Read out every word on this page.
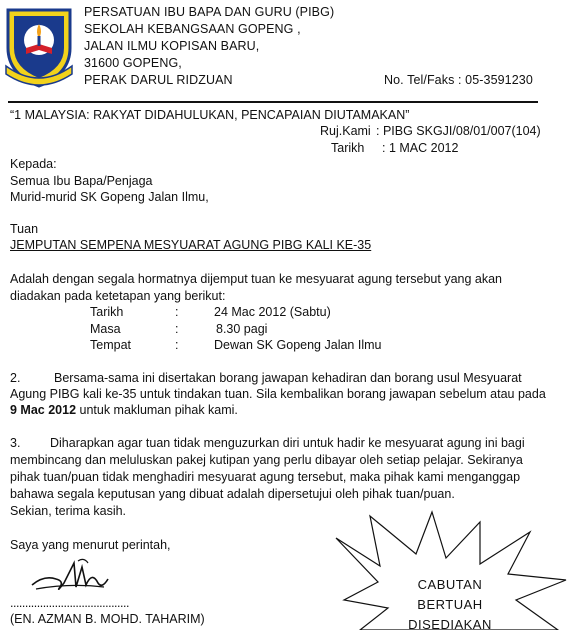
PERSATUAN IBU BAPA DAN GURU (PIBG)
SEKOLAH KEBANGSAAN GOPENG ,
JALAN ILMU KOPISAN BARU,
31600 GOPENG,
PERAK DARUL RIDZUAN	No. Tel/Faks : 05-3591230
“1 MALAYSIA: RAKYAT DIDAHULUKAN, PENCAPAIAN DIUTAMAKAN”
Ruj.Kami : PIBG SKGJI/08/01/007(104)
Tarikh : 1 MAC 2012
Kepada:
Semua Ibu Bapa/Penjaga
Murid-murid SK Gopeng Jalan Ilmu,
Tuan
JEMPUTAN SEMPENA MESYUARAT AGUNG PIBG KALI KE-35
Adalah dengan segala hormatnya dijemput tuan ke mesyuarat agung tersebut yang akan
diadakan pada ketetapan yang berikut:
Tarikh	:	24 Mac 2012 (Sabtu)
Masa	:	8.30 pagi
Tempat	:	Dewan SK Gopeng Jalan Ilmu
2.	Bersama-sama ini disertakan borang jawapan kehadiran dan borang usul Mesyuarat
Agung PIBG kali ke-35 untuk tindakan tuan. Sila kembalikan borang jawapan sebelum atau pada
9 Mac 2012 untuk makluman pihak kami.
3. Diharapkan agar tuan tidak menguzurkan diri untuk hadir ke mesyuarat agung ini bagi
membincang dan meluluskan pakej kutipan yang perlu dibayar oleh setiap pelajar. Sekiranya
pihak tuan/puan tidak menghadiri mesyuarat agung tersebut, maka pihak kami menganggap
bahawa segala keputusan yang dibuat adalah dipersetujui oleh pihak tuan/puan.
Sekian, terima kasih.
Saya yang menurut perintah,
........................................
(EN. AZMAN B. MOHD. TAHARIM)
CABUTAN
BERTUAH
DISEDIAKAN
